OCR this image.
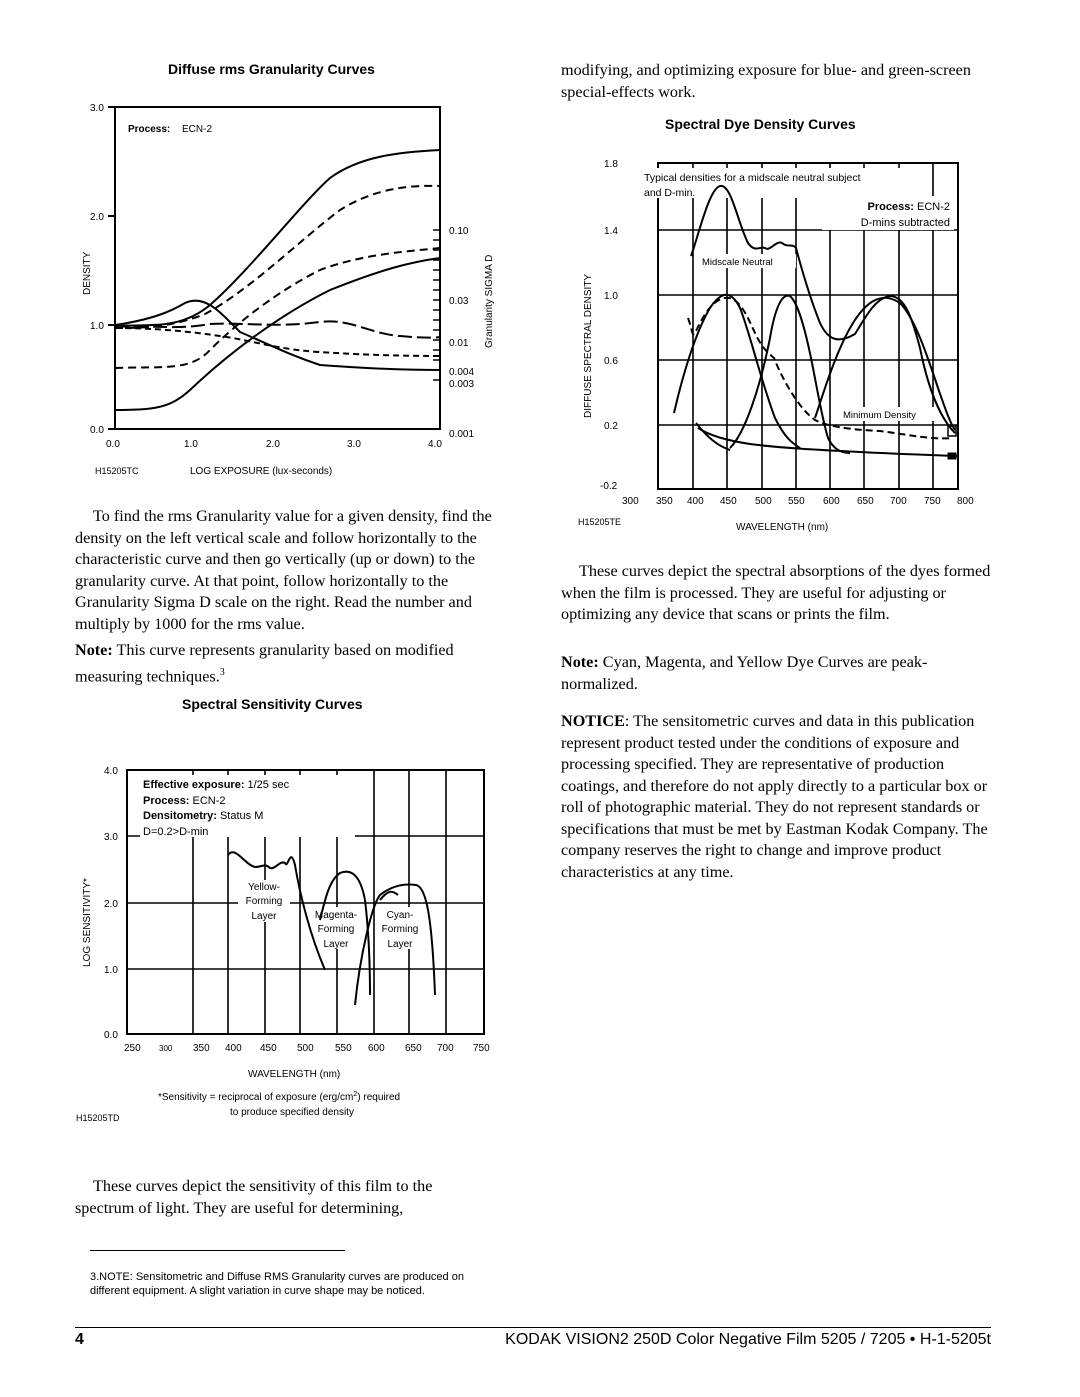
Diffuse rms Granularity Curves
3.0
2.0
1.0
0.0
0.10
0.03
0.01
0.004
0.003
0.001
0.0	1.0	2.0	3.0	4.0
DENSITY	Granularity SIGMA D
H15205TC	LOG EXPOSURE (lux-seconds)
Process: ECN-2
To find the rms Granularity value for a given density, find the density on the left vertical scale and follow horizontally to the characteristic curve and then go vertically (up or down) to the granularity curve. At that point, follow horizontally to the Granularity Sigma D scale on the right. Read the number and multiply by 1000 for the rms value.
Note: This curve represents granularity based on modified measuring techniques.$^3$
Spectral Sensitivity Curves
4.0
3.0
2.0
1.0
0.0
250 300 350 400 450 500 550 600 650 700 750
Effective exposure: 1/25 sec
Process: ECN-2
Densitometry: Status M
D=0.2>D-min
LOG SENSITIVITY*
WAVELENGTH (nm)
Yellow-
Forming
Layer	Magenta-
Forming
Layer
Cyan-
Forming
Layer
H15205TD
*Sensitivity = reciprocal of exposure $(erg/cm^2)$ required
to produce specified density
These curves depict the sensitivity of this film to the spectrum of light. They are useful for determining,
3.NOTE: Sensitometric and Diffuse RMS Granularity curves are produced on different equipment. A slight variation in curve shape may be noticed.
modifying, and optimizing exposure for blue- and green-screen special-effects work.
Spectral Dye Density Curves
1.8
1.4
1.0
0.6
0.2
-0.2
300 350 400 450 500 550 600 650 700 750 800
Typical densities for a midscale neutral subject
and D-min.
Process: ECN-2
D-mins subtracted
Midscale Neutral
Minimum Density
DIFFUSE SPECTRAL DENSITY
WAVELENGTH (nm)
H15205TE
These curves depict the spectral absorptions of the dyes formed when the film is processed. They are useful for adjusting or optimizing any device that scans or prints the film.
Note: Cyan, Magenta, and Yellow Dye Curves are peak-normalized.
NOTICE: The sensitometric curves and data in this publication represent product tested under the conditions of exposure and processing specified. They are representative of production coatings, and therefore do not apply directly to a particular box or roll of photographic material. They do not represent standards or specifications that must be met by Eastman Kodak Company. The company reserves the right to change and improve product characteristics at any time.
4	KODAK VISION2 250D Color Negative Film 5205 / 7205 • H-1-5205t
